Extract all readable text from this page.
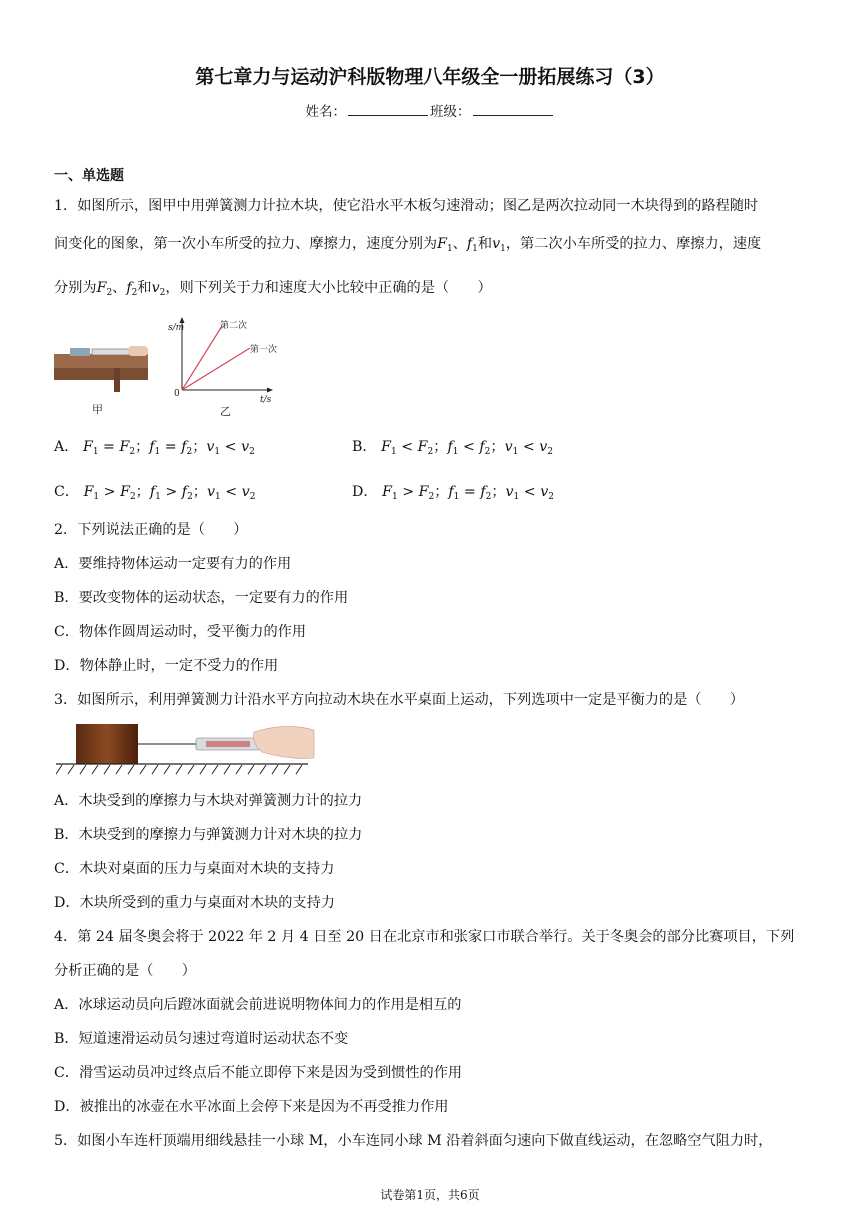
第七章力与运动沪科版物理八年级全一册拓展练习（3）
姓名：	班级：
一、单选题
1．如图所示，图甲中用弹簧测力计拉木块，使它沿水平木板匀速滑动；图乙是两次拉动同一木块得到的路程随时
间变化的图象，第一次小车所受的拉力、摩擦力，速度分别为$F_1$、$f_1$和$v_1$，第二次小车所受的拉力、摩擦力，速度
分别为$F_2$、$f_2$和$v_2$，则下列关于力和速度大小比较中正确的是（　　）
甲
s/m
t/s
0
第二次
第一次
乙
A． $F_1 = F_2$；$f_1 = f_2$；$v_1 < v_2$	B． $F_1 < F_2$；$f_1 < f_2$；$v_1 < v_2$
C． $F_1 > F_2$；$f_1 > f_2$；$v_1 < v_2$	D． $F_1 > F_2$；$f_1 = f_2$；$v_1 < v_2$
2．下列说法正确的是（　　）
A．要维持物体运动一定要有力的作用
B．要改变物体的运动状态，一定要有力的作用
C．物体作圆周运动时，受平衡力的作用
D．物体静止时，一定不受力的作用
3．如图所示，利用弹簧测力计沿水平方向拉动木块在水平桌面上运动，下列选项中一定是平衡力的是（　　）
A．木块受到的摩擦力与木块对弹簧测力计的拉力
B．木块受到的摩擦力与弹簧测力计对木块的拉力
C．木块对桌面的压力与桌面对木块的支持力
D．木块所受到的重力与桌面对木块的支持力
4．第 24 届冬奥会将于 2022 年 2 月 4 日至 20 日在北京市和张家口市联合举行。关于冬奥会的部分比赛项目，下列
分析正确的是（　　）
A．冰球运动员向后蹬冰面就会前进说明物体间力的作用是相互的
B．短道速滑运动员匀速过弯道时运动状态不变
C．滑雪运动员冲过终点后不能立即停下来是因为受到惯性的作用
D．被推出的冰壶在水平冰面上会停下来是因为不再受推力作用
5．如图小车连杆顶端用细线悬挂一小球 M，小车连同小球 M 沿着斜面匀速向下做直线运动，在忽略空气阻力时，
试卷第1页，共6页
